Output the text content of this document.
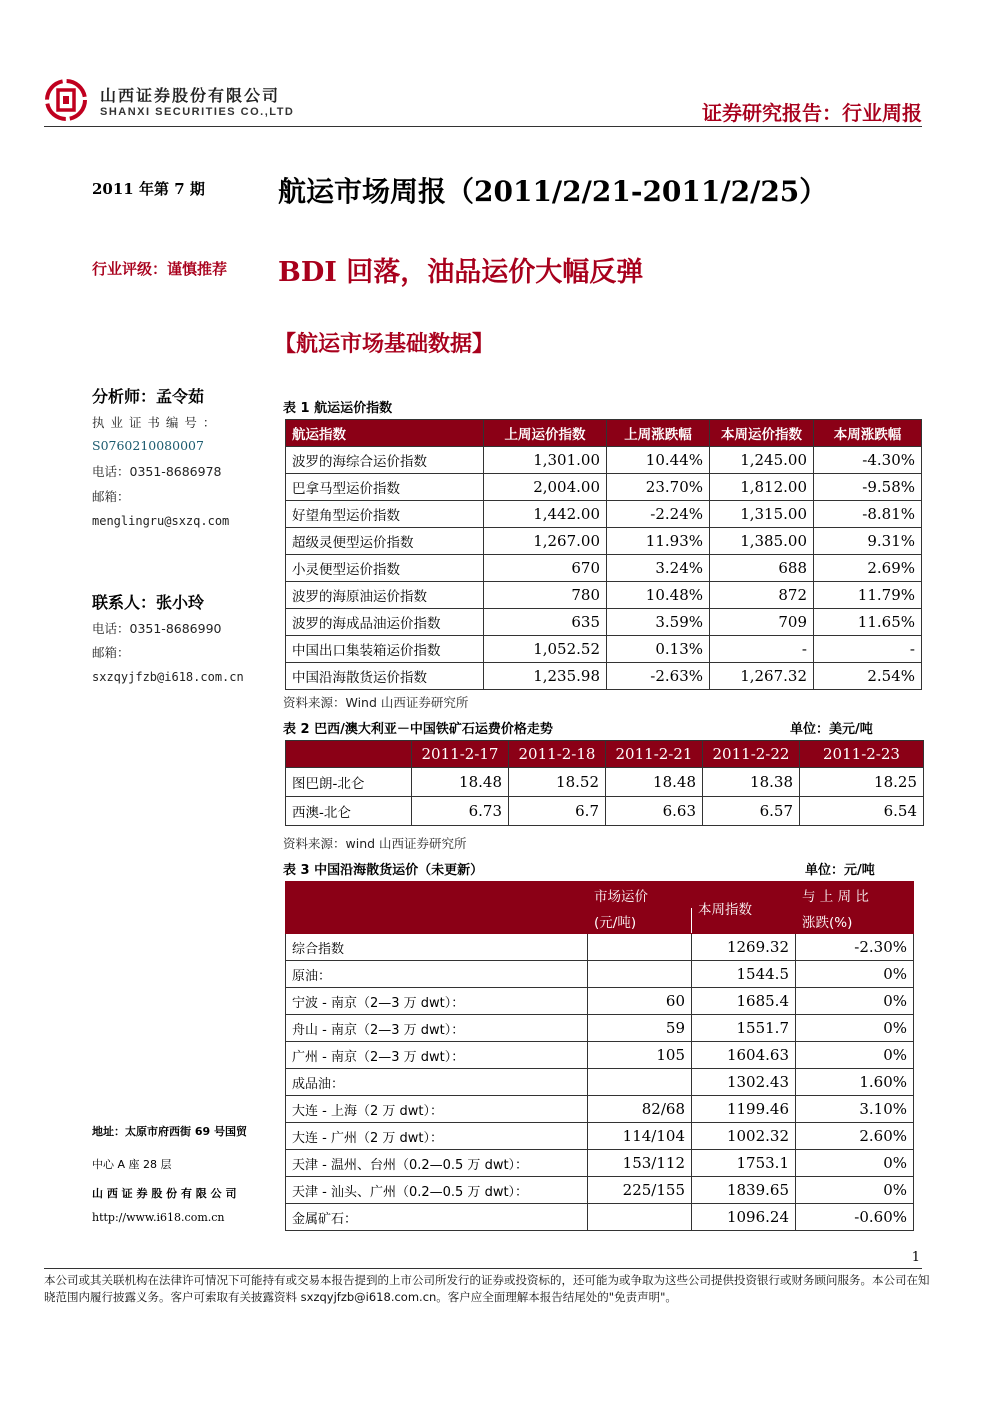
山西证券股份有限公司
SHANXI SECURITIES CO.,LTD	证券研究报告：行业周报
2011 年第 7 期	航运市场周报（2011/2/21-2011/2/25）
行业评级：谨慎推荐 BDI 回落，油品运价大幅反弹
【航运市场基础数据】
分析师：孟令茹
执 业 证 书 编 号 ：
S0760210080007
电话：0351-8686978
邮箱：
menglingru@sxzq.com
联系人：张小玲
电话：0351-8686990
邮箱：
sxzqyjfzb@i618.com.cn
地址：太原市府西街 69 号国贸
中心 A 座 28 层
山 西 证 券 股 份 有 限 公 司
http://www.i618.com.cn
表 1 航运运价指数
航运指数	上周运价指数	上周涨跌幅	本周运价指数	本周涨跌幅
波罗的海综合运价指数	1,301.00	10.44%	1,245.00	-4.30%
巴拿马型运价指数	2,004.00	23.70%	1,812.00	-9.58%
好望角型运价指数	1,442.00	-2.24%	1,315.00	-8.81%
超级灵便型运价指数	1,267.00	11.93%	1,385.00	9.31%
小灵便型运价指数	670	3.24%	688	2.69%
波罗的海原油运价指数	780	10.48%	872	11.79%
波罗的海成品油运价指数	635	3.59%	709	11.65%
中国出口集装箱运价指数	1,052.52	0.13%	-	-
中国沿海散货运价指数	1,235.98	-2.63%	1,267.32	2.54%
资料来源：Wind 山西证券研究所
表 2 巴西/澳大利亚－中国铁矿石运费价格走势	单位：美元/吨
	2011-2-17	2011-2-18	2011-2-21	2011-2-22	2011-2-23
图巴朗-北仑	18.48	18.52	18.48	18.38	18.25
西澳-北仑	6.73	6.7	6.63	6.57	6.54
资料来源：wind 山西证券研究所
表 3 中国沿海散货运价（未更新）	单位：元/吨
	市场运价	本周指数	与 上 周 比
	(元/吨)		涨跌(%)
综合指数		1269.32	-2.30%
原油：		1544.5	0%
宁波 - 南京（2—3 万 dwt）：	60	1685.4	0%
舟山 - 南京（2—3 万 dwt）：	59	1551.7	0%
广州 - 南京（2—3 万 dwt）：	105	1604.63	0%
成品油：		1302.43	1.60%
大连 - 上海（2 万 dwt）：	82/68	1199.46	3.10%
大连 - 广州（2 万 dwt）：	114/104	1002.32	2.60%
天津 - 温州、台州（0.2—0.5 万 dwt）：	153/112	1753.1	0%
天津 - 汕头、广州（0.2—0.5 万 dwt）：	225/155	1839.65	0%
金属矿石：		1096.24	-0.60%
1
本公司或其关联机构在法律许可情况下可能持有或交易本报告提到的上市公司所发行的证券或投资标的，还可能为或争取为这些公司提供投资银行或财务顾问服务。本公司在知晓范围内履行披露义务。客户可索取有关披露资料 sxzqyjfzb@i618.com.cn。客户应全面理解本报告结尾处的"免责声明"。
